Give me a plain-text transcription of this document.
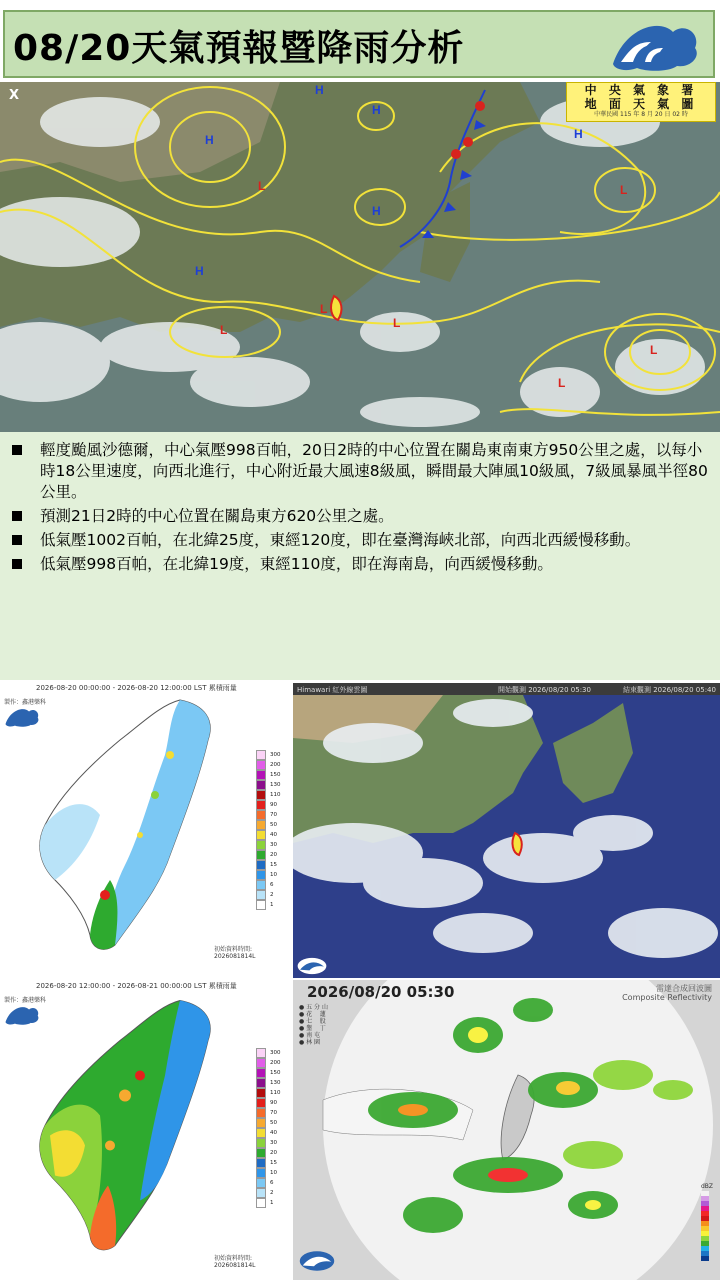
08/20天氣預報暨降雨分析
H
H
H
H
H
H
L	L
L
L
L
L
L
X	中 央 氣 象 署
地 面 天 氣 圖
中華民國 115 年 8 月 20 日 02 時
輕度颱風沙德爾，中心氣壓998百帕，20日2時的中心位置在關島東南東方950公里之處，以每小時18公里速度，向西北進行，中心附近最大風速8級風，瞬間最大陣風10級風，7級風暴風半徑80公里。
預測21日2時的中心位置在關島東方620公里之處。
低氣壓1002百帕，在北緯25度，東經120度，即在臺灣海峽北部，向西北西緩慢移動。
低氣壓998百帕，在北緯19度，東經110度，即在海南島，向西緩慢移動。
2026-08-20 00:00:00 - 2026-08-20 12:00:00 LST 累積雨量
製作：鑫港樂科
300
200
150
130
110
90
70
50
40
30
20
15
10
6
2
1
初始資料時間:
2026081814L
2026-08-20 12:00:00 - 2026-08-21 00:00:00 LST 累積雨量
製作：鑫港樂科
300
200
150
130
110
90
70
50
40
30
20
15
10
6
2
1
初始資料時間:
2026081814L
Himawari 紅外線雲圖	開始觀測 2026/08/20 05:30	結束觀測 2026/08/20 05:40
2026/08/20 05:30	雷達合成回波圖
Composite Reflectivity
● 五 分 山
● 花    蓮
● 七    股
● 墾    丁
● 南 屯
● 林 園
dBZ
